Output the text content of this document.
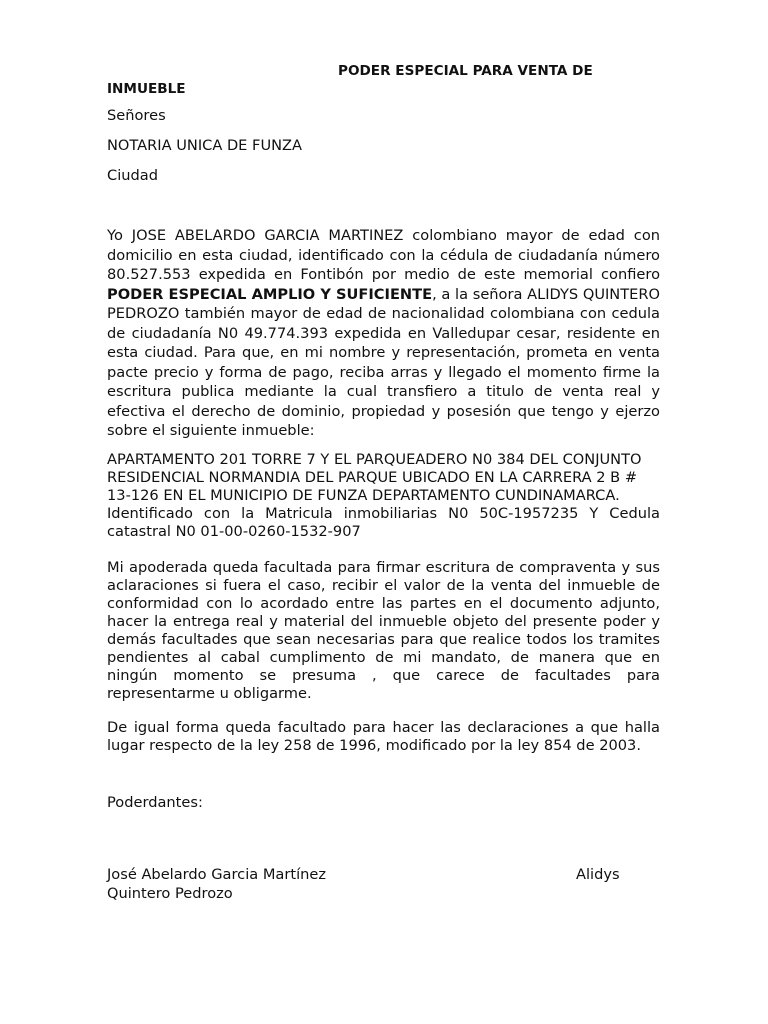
PODER ESPECIAL PARA VENTA DE
INMUEBLE

Señores

NOTARIA UNICA DE FUNZA

Ciudad

Yo JOSE ABELARDO GARCIA MARTINEZ colombiano mayor de edad con domicilio en esta ciudad, identificado con la cédula de ciudadanía número 80.527.553 expedida en Fontibón por medio de este memorial confiero PODER ESPECIAL AMPLIO Y SUFICIENTE, a la señora ALIDYS QUINTERO PEDROZO también mayor de edad de nacionalidad colombiana con cedula de ciudadanía N0 49.774.393 expedida en Valledupar cesar, residente en esta ciudad. Para que, en mi nombre y representación, prometa en venta pacte precio y forma de pago, reciba arras y llegado el momento firme la escritura publica mediante la cual transfiero a titulo de venta real y efectiva el derecho de dominio, propiedad y posesión que tengo y ejerzo sobre el siguiente inmueble:

APARTAMENTO 201 TORRE 7 Y EL PARQUEADERO N0 384 DEL CONJUNTO RESIDENCIAL NORMANDIA DEL PARQUE UBICADO EN LA CARRERA 2 B # 13-126 EN EL MUNICIPIO DE FUNZA DEPARTAMENTO CUNDINAMARCA.

Identificado con la Matricula inmobiliarias N0 50C-1957235 Y Cedula catastral N0 01-00-0260-1532-907

Mi apoderada queda facultada para firmar escritura de compraventa y sus aclaraciones si fuera el caso, recibir el valor de la venta del inmueble de conformidad con lo acordado entre las partes en el documento adjunto, hacer la entrega real y material del inmueble objeto del presente poder y demás facultades que sean necesarias para que realice todos los tramites pendientes al cabal cumplimento de mi mandato, de manera que en ningún momento se presuma , que carece de facultades para representarme u obligarme.

De igual forma queda facultado para hacer las declaraciones a que halla lugar respecto de la ley 258 de 1996, modificado por la ley 854 de 2003.

Poderdantes:

José Abelardo Garcia Martínez	Alidys
Quintero Pedrozo
